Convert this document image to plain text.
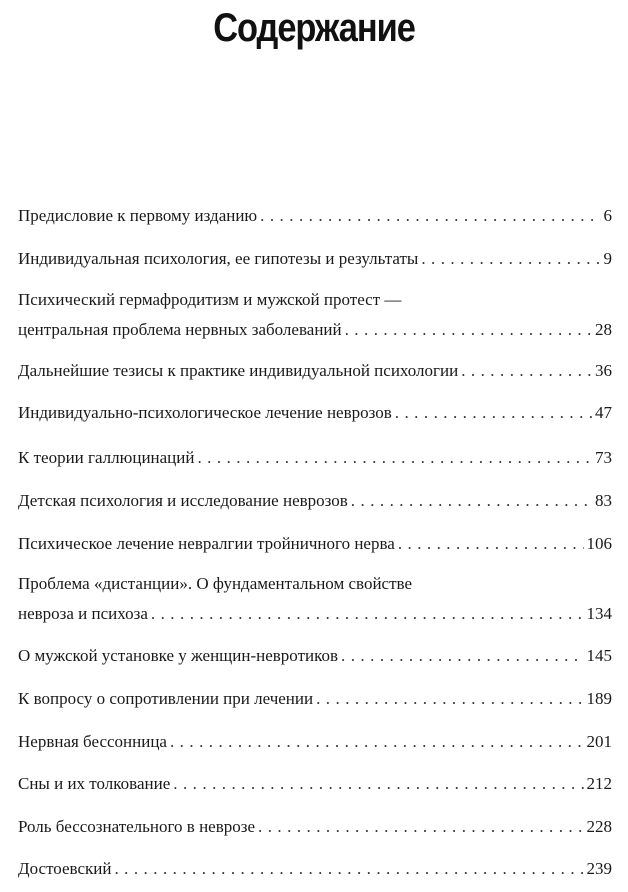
Содержание
Предисловие к первому изданию . . .	6
Индивидуальная психология, ее гипотезы и результаты . . .	9
Психический гермафродитизм и мужской протест —
центральная проблема нервных заболеваний . . .	28
Дальнейшие тезисы к практике индивидуальной психологии . . .	36
Индивидуально-психологическое лечение неврозов . . .	47
К теории галлюцинаций . . .	73
Детская психология и исследование неврозов . . .	83
Психическое лечение невралгии тройничного нерва . . .	106
Проблема «дистанции». О фундаментальном свойстве
невроза и психоза . . .	134
О мужской установке у женщин-невротиков . . .	145
К вопросу о сопротивлении при лечении . . .	189
Нервная бессонница . . .	201
Сны и их толкование . . .	212
Роль бессознательного в неврозе . . .	228
Достоевский . . .	239
